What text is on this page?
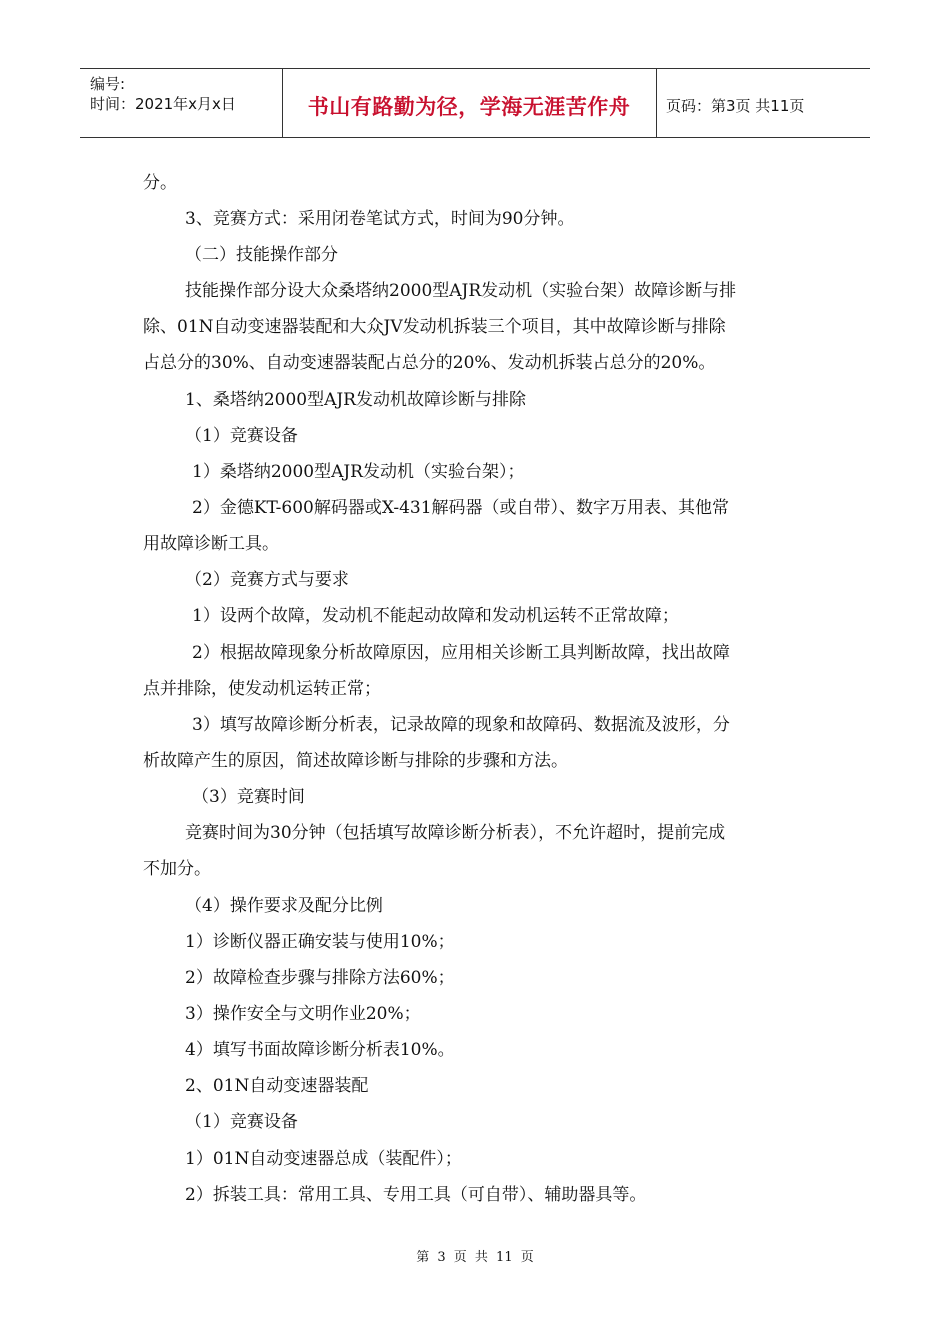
编号:
时间：2021年x月x日	书山有路勤为径，学海无涯苦作舟	页码：第3页 共11页
分。
3、竞赛方式：采用闭卷笔试方式，时间为90分钟。
（二）技能操作部分
技能操作部分设大众桑塔纳2000型AJR发动机（实验台架）故障诊断与排
除、01N自动变速器装配和大众JV发动机拆装三个项目，其中故障诊断与排除
占总分的30%、自动变速器装配占总分的20%、发动机拆装占总分的20%。
1、桑塔纳2000型AJR发动机故障诊断与排除
（1）竞赛设备
1）桑塔纳2000型AJR发动机（实验台架）；
2）金德KT-600解码器或X-431解码器（或自带）、数字万用表、其他常
用故障诊断工具。
（2）竞赛方式与要求
1）设两个故障，发动机不能起动故障和发动机运转不正常故障；
2）根据故障现象分析故障原因，应用相关诊断工具判断故障，找出故障
点并排除，使发动机运转正常；
3）填写故障诊断分析表，记录故障的现象和故障码、数据流及波形，分
析故障产生的原因，简述故障诊断与排除的步骤和方法。
（3）竞赛时间
竞赛时间为30分钟（包括填写故障诊断分析表），不允许超时，提前完成
不加分。
（4）操作要求及配分比例
1）诊断仪器正确安装与使用10%；
2）故障检查步骤与排除方法60%；
3）操作安全与文明作业20%；
4）填写书面故障诊断分析表10%。
2、01N自动变速器装配
（1）竞赛设备
1）01N自动变速器总成（装配件）；
2）拆装工具：常用工具、专用工具（可自带）、辅助器具等。
第 3 页 共 11 页
